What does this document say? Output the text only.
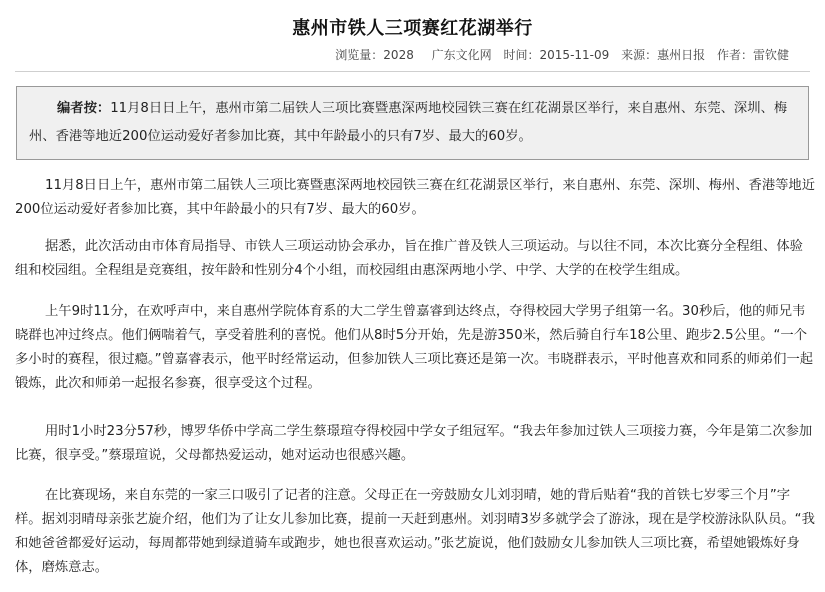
惠州市铁人三项赛红花湖举行
浏览量：2028 广东文化网 时间：2015-11-09 来源：惠州日报 作者：雷钦健
编者按：11月8日日上午，惠州市第二届铁人三项比赛暨惠深两地校园铁三赛在红花湖景区举行，来自惠州、东莞、深圳、梅州、香港等地近200位运动爱好者参加比赛，其中年龄最小的只有7岁、最大的60岁。

11月8日日上午，惠州市第二届铁人三项比赛暨惠深两地校园铁三赛在红花湖景区举行，来自惠州、东莞、深圳、梅州、香港等地近200位运动爱好者参加比赛，其中年龄最小的只有7岁、最大的60岁。

据悉，此次活动由市体育局指导、市铁人三项运动协会承办，旨在推广普及铁人三项运动。与以往不同，本次比赛分全程组、体验组和校园组。全程组是竞赛组，按年龄和性别分4个小组，而校园组由惠深两地小学、中学、大学的在校学生组成。

上午9时11分，在欢呼声中，来自惠州学院体育系的大二学生曾嘉睿到达终点，夺得校园大学男子组第一名。30秒后，他的师兄韦晓群也冲过终点。他们俩喘着气，享受着胜利的喜悦。他们从8时5分开始，先是游350米，然后骑自行车18公里、跑步2.5公里。“一个多小时的赛程，很过瘾。”曾嘉睿表示，他平时经常运动，但参加铁人三项比赛还是第一次。韦晓群表示，平时他喜欢和同系的师弟们一起锻炼，此次和师弟一起报名参赛，很享受这个过程。

用时1小时23分57秒，博罗华侨中学高二学生蔡璟瑄夺得校园中学女子组冠军。“我去年参加过铁人三项接力赛，今年是第二次参加比赛，很享受。”蔡璟瑄说，父母都热爱运动，她对运动也很感兴趣。

在比赛现场，来自东莞的一家三口吸引了记者的注意。父母正在一旁鼓励女儿刘羽晴，她的背后贴着“我的首铁七岁零三个月”字样。据刘羽晴母亲张艺旋介绍，他们为了让女儿参加比赛，提前一天赶到惠州。刘羽晴3岁多就学会了游泳，现在是学校游泳队队员。“我和她爸爸都爱好运动，每周都带她到绿道骑车或跑步，她也很喜欢运动。”张艺旋说，他们鼓励女儿参加铁人三项比赛，希望她锻炼好身体，磨炼意志。
